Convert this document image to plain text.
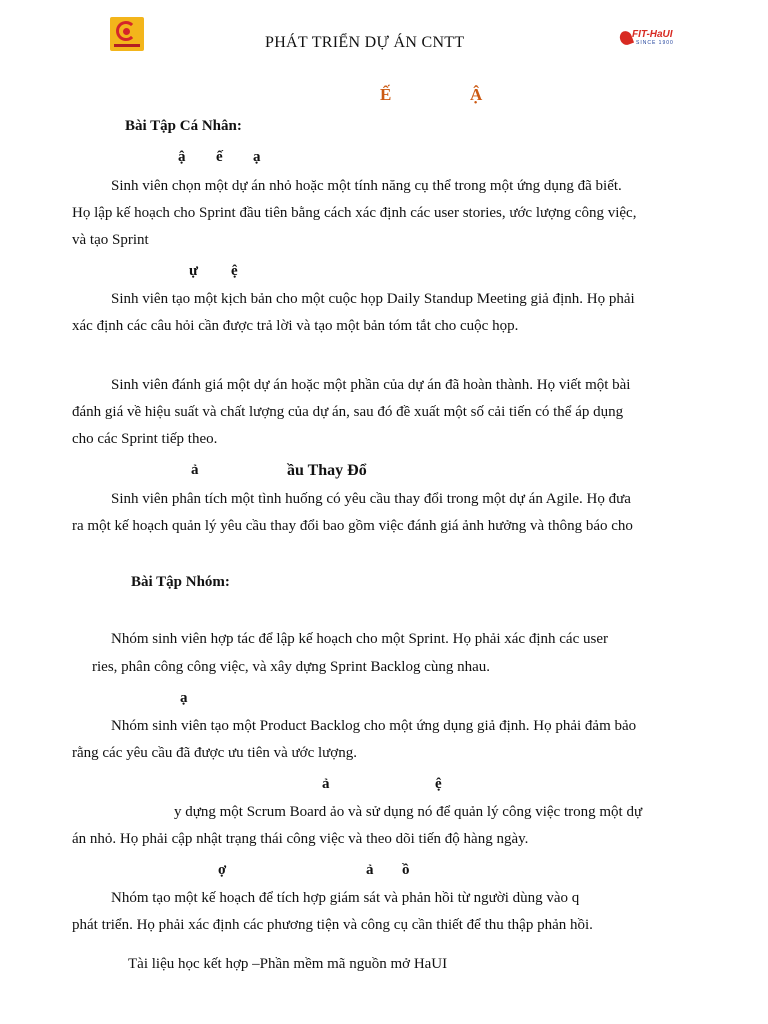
PHÁT TRIỂN DỰ ÁN CNTT	FIT-HaUI
SINCE 1900
Ế	Ậ
Bài Tập Cá Nhân:
ậ ế ạ
Sinh viên chọn một dự án nhỏ hoặc một tính năng cụ thể trong một ứng dụng đã biết.
Họ lập kế hoạch cho Sprint đầu tiên bằng cách xác định các user stories, ước lượng công việc,
và tạo Sprint
ự ệ
Sinh viên tạo một kịch bản cho một cuộc họp Daily Standup Meeting giả định. Họ phải
xác định các câu hỏi cần được trả lời và tạo một bản tóm tắt cho cuộc họp.
Sinh viên đánh giá một dự án hoặc một phần của dự án đã hoàn thành. Họ viết một bài
đánh giá về hiệu suất và chất lượng của dự án, sau đó đề xuất một số cải tiến có thể áp dụng
cho các Sprint tiếp theo.
ả	ầu Thay Đổ
Sinh viên phân tích một tình huống có yêu cầu thay đổi trong một dự án Agile. Họ đưa
ra một kế hoạch quản lý yêu cầu thay đổi bao gồm việc đánh giá ảnh hưởng và thông báo cho
Bài Tập Nhóm:
Nhóm sinh viên hợp tác để lập kế hoạch cho một Sprint. Họ phải xác định các user
ries, phân công công việc, và xây dựng Sprint Backlog cùng nhau.
ạ
Nhóm sinh viên tạo một Product Backlog cho một ứng dụng giả định. Họ phải đảm bảo
rằng các yêu cầu đã được ưu tiên và ước lượng.
ả	ệ
y dựng một Scrum Board ảo và sử dụng nó để quản lý công việc trong một dự
án nhỏ. Họ phải cập nhật trạng thái công việc và theo dõi tiến độ hàng ngày.
ợ	ả ồ
Nhóm tạo một kế hoạch để tích hợp giám sát và phản hồi từ người dùng vào q
phát triển. Họ phải xác định các phương tiện và công cụ cần thiết để thu thập phản hồi.
Tài liệu học kết hợp –Phần mềm mã nguồn mở HaUI
